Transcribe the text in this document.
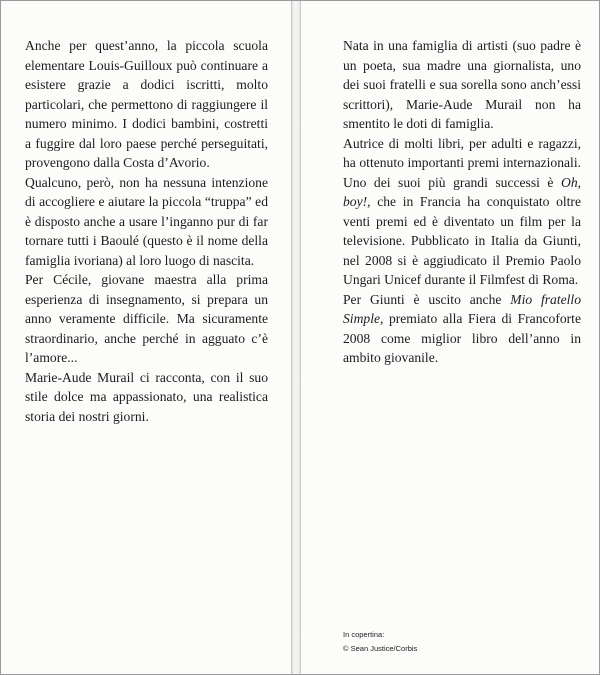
Anche per quest’anno, la piccola scuola elementare Louis-Guilloux può continuare a esistere grazie a dodici iscritti, molto particolari, che permettono di raggiungere il numero minimo. I dodici bambini, costretti a fuggire dal loro paese perché perseguitati, provengono dalla Costa d’Avorio.

Qualcuno, però, non ha nessuna intenzione di accogliere e aiutare la piccola “truppa” ed è disposto anche a usare l’inganno pur di far tornare tutti i Baoulé (questo è il nome della famiglia ivoriana) al loro luogo di nascita.

Per Cécile, giovane maestra alla prima esperienza di insegnamento, si prepara un anno veramente difficile. Ma sicuramente straordinario, anche perché in agguato c’è l’amore...

Marie-Aude Murail ci racconta, con il suo stile dolce ma appassionato, una realistica storia dei nostri giorni.

Nata in una famiglia di artisti (suo padre è un poeta, sua madre una giornalista, uno dei suoi fratelli e sua sorella sono anch’essi scrittori), Marie-Aude Murail non ha smentito le doti di famiglia.

Autrice di molti libri, per adulti e ragazzi, ha ottenuto importanti premi internazionali. Uno dei suoi più grandi successi è Oh, boy!, che in Francia ha conquistato oltre venti premi ed è diventato un film per la televisione. Pubblicato in Italia da Giunti, nel 2008 si è aggiudicato il Premio Paolo Ungari Unicef durante il Filmfest di Roma.

Per Giunti è uscito anche Mio fratello Simple, premiato alla Fiera di Francoforte 2008 come miglior libro dell’anno in ambito giovanile.

In copertina:
© Sean Justice/Corbis
